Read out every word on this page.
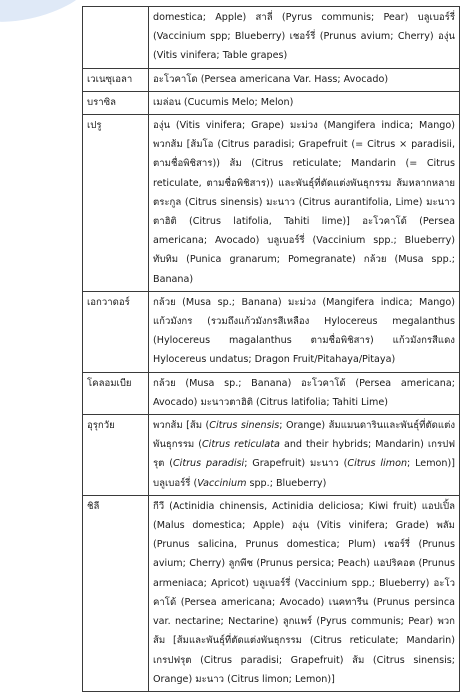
	domestica; Apple) สาลี่ (Pyrus communis; Pear) บลูเบอร์รี่ (Vaccinium spp; Blueberry) เชอร์รี่ (Prunus avium; Cherry) องุ่น (Vitis vinifera; Table grapes)
เวเนซุเอลา	อะโวคาโด (Persea americana Var. Hass; Avocado)
บราซิล	เมล่อน (Cucumis Melo; Melon)
เปรู	องุ่น (Vitis vinifera; Grape) มะม่วง (Mangifera indica; Mango) พวกส้ม [ส้มโอ (Citrus paradisi; Grapefruit (= Citrus × paradisii, ตามชื่อพิชิสาร)) ส้ม (Citrus reticulate; Mandarin (= Citrus reticulate, ตามชื่อพิชิสาร)) และพันธุ์ที่ตัดแต่งพันธุกรรม ส้มหลากหลายตระกูล (Citrus sinensis) มะนาว (Citrus aurantifolia, Lime) มะนาวตาฮิติ (Citrus latifolia, Tahiti lime)] อะโวคาโด้ (Persea americana; Avocado) บลูเบอร์รี่ (Vaccinium spp.; Blueberry) ทับทิม (Punica granarum; Pomegranate) กล้วย (Musa spp.; Banana)
เอกวาดอร์	กล้วย (Musa sp.; Banana) มะม่วง (Mangifera indica; Mango) แก้วมังกร (รวมถึงแก้วมังกรสีเหลือง Hylocereus megalanthus (Hylocereus magalanthus ตามชื่อพิชิสาร) แก้วมังกรสีแดง Hylocereus undatus; Dragon Fruit/Pitahaya/Pitaya)
โคลอมเบีย	กล้วย (Musa sp.; Banana) อะโวคาโด้ (Persea americana; Avocado) มะนาวตาฮิติ (Citrus latifolia; Tahiti Lime)
อุรุกวัย	พวกส้ม [ส้ม (Citrus sinensis; Orange) ส้มแมนดารินและพันธุ์ที่ตัดแต่งพันธุกรรม (Citrus reticulata and their hybrids; Mandarin) เกรปฟรุต (Citrus paradisi; Grapefruit) มะนาว (Citrus limon; Lemon)] บลูเบอร์รี่ (Vaccinium spp.; Blueberry)
ชิลี	กีวี (Actinidia chinensis, Actinidia deliciosa; Kiwi fruit) แอปเปิ้ล (Malus domestica; Apple) องุ่น (Vitis vinifera; Grade) พลัม (Prunus salicina, Prunus domestica; Plum) เชอร์รี่ (Prunus avium; Cherry) ลูกพีช (Prunus persica; Peach) แอปริคอต (Prunus armeniaca; Apricot) บลูเบอร์รี่ (Vaccinium spp.; Blueberry) อะโวคาโด้ (Persea americana; Avocado) เนคทารีน (Prunus persinca var. nectarine; Nectarine) ลูกแพร์ (Pyrus communis; Pear) พวกส้ม [ส้มและพันธุ์ที่ตัดแต่งพันธุกรรม (Citrus reticulate; Mandarin) เกรปฟรุต (Citrus paradisi; Grapefruit) ส้ม (Citrus sinensis; Orange) มะนาว (Citrus limon; Lemon)]
